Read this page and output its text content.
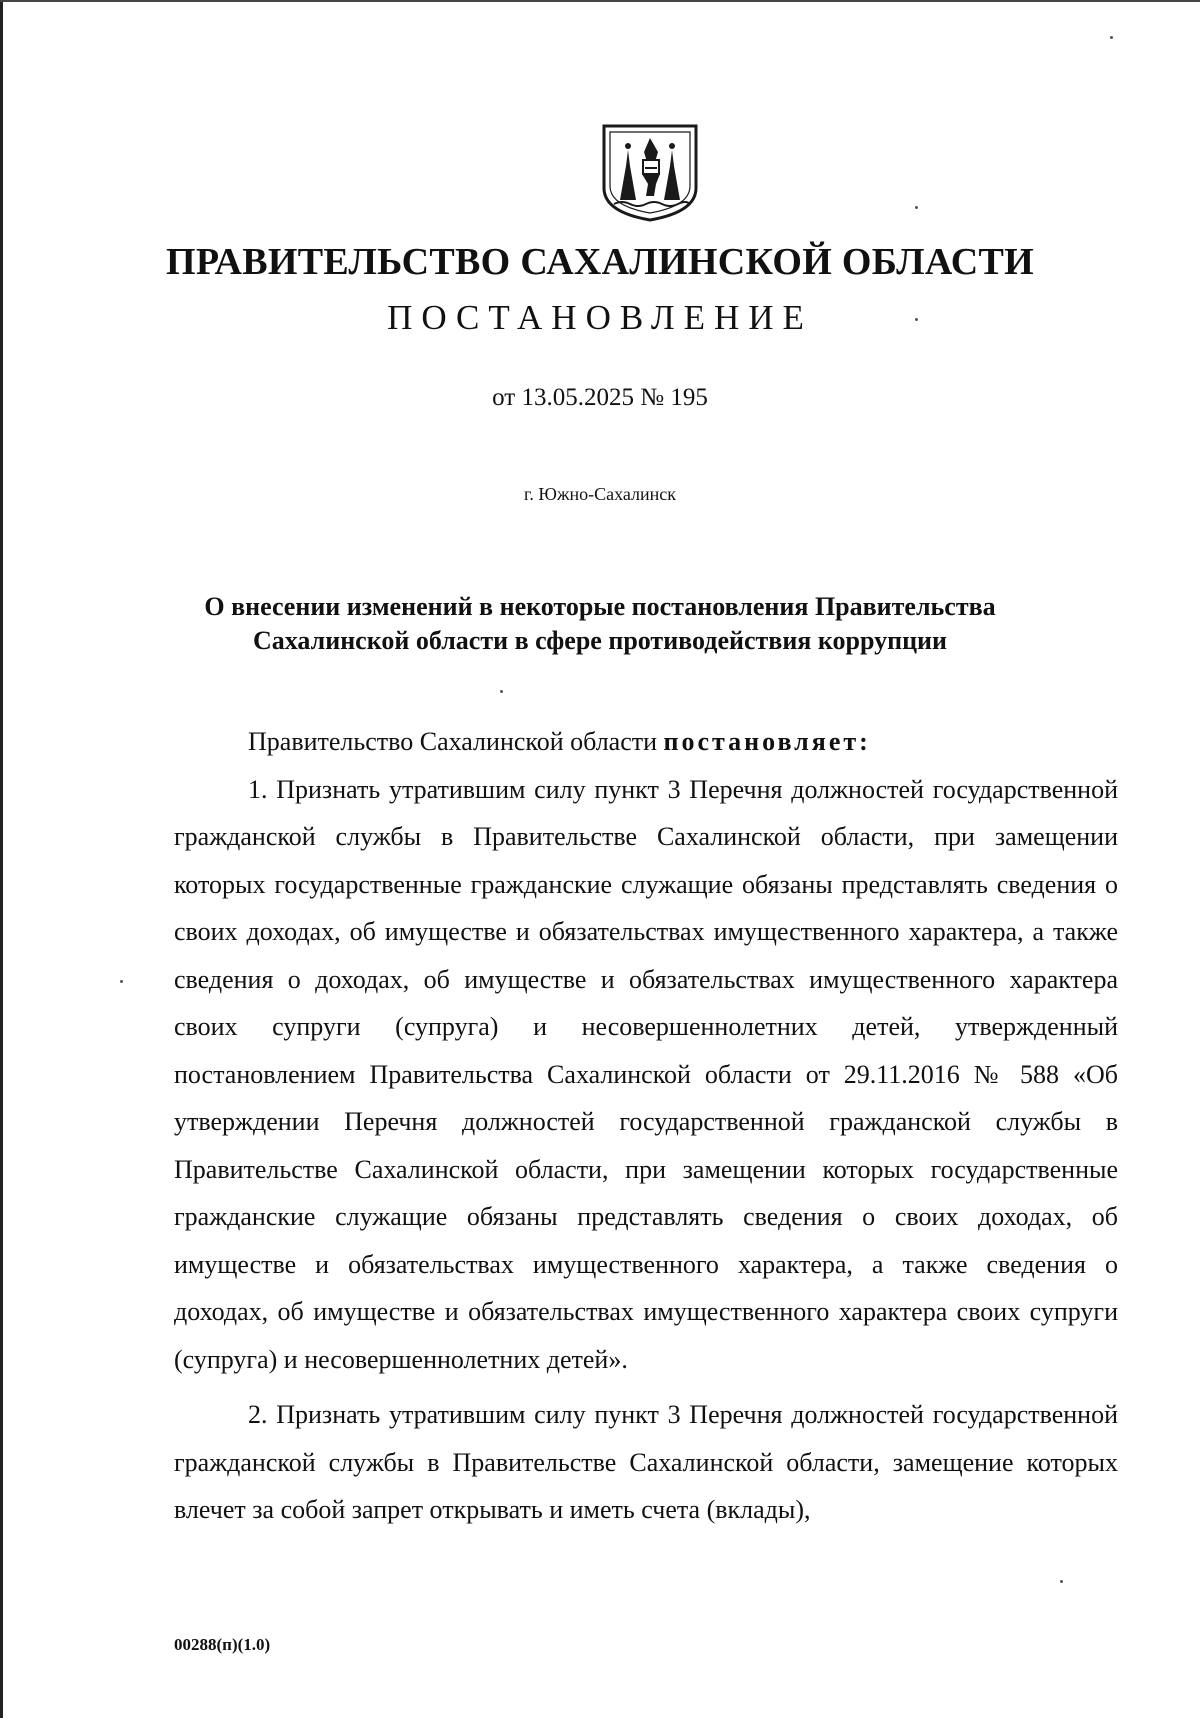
ПРАВИТЕЛЬСТВО САХАЛИНСКОЙ ОБЛАСТИ
ПОСТАНОВЛЕНИЕ
от 13.05.2025 № 195
г. Южно-Сахалинск
О внесении изменений в некоторые постановления Правительства
Сахалинской области в сфере противодействия коррупции

Правительство Сахалинской области постановляет:

1. Признать утратившим силу пункт 3 Перечня должностей государственной гражданской службы в Правительстве Сахалинской области, при замещении которых государственные гражданские служащие обязаны представлять сведения о своих доходах, об имуществе и обязательствах имущественного характера, а также сведения о доходах, об имуществе и обязательствах имущественного характера своих супруги (супруга) и несовершеннолетних детей, утвержденный постановлением Правительства Сахалинской области от 29.11.2016 № 588 «Об утверждении Перечня должностей государственной гражданской службы в Правительстве Сахалинской области, при замещении которых государственные гражданские служащие обязаны представлять сведения о своих доходах, об имуществе и обязательствах имущественного характера, а также сведения о доходах, об имуществе и обязательствах имущественного характера своих супруги (супруга) и несовершеннолетних детей».

2. Признать утратившим силу пункт 3 Перечня должностей государственной гражданской службы в Правительстве Сахалинской области, замещение которых влечет за собой запрет открывать и иметь счета (вклады),

00288(п)(1.0)
